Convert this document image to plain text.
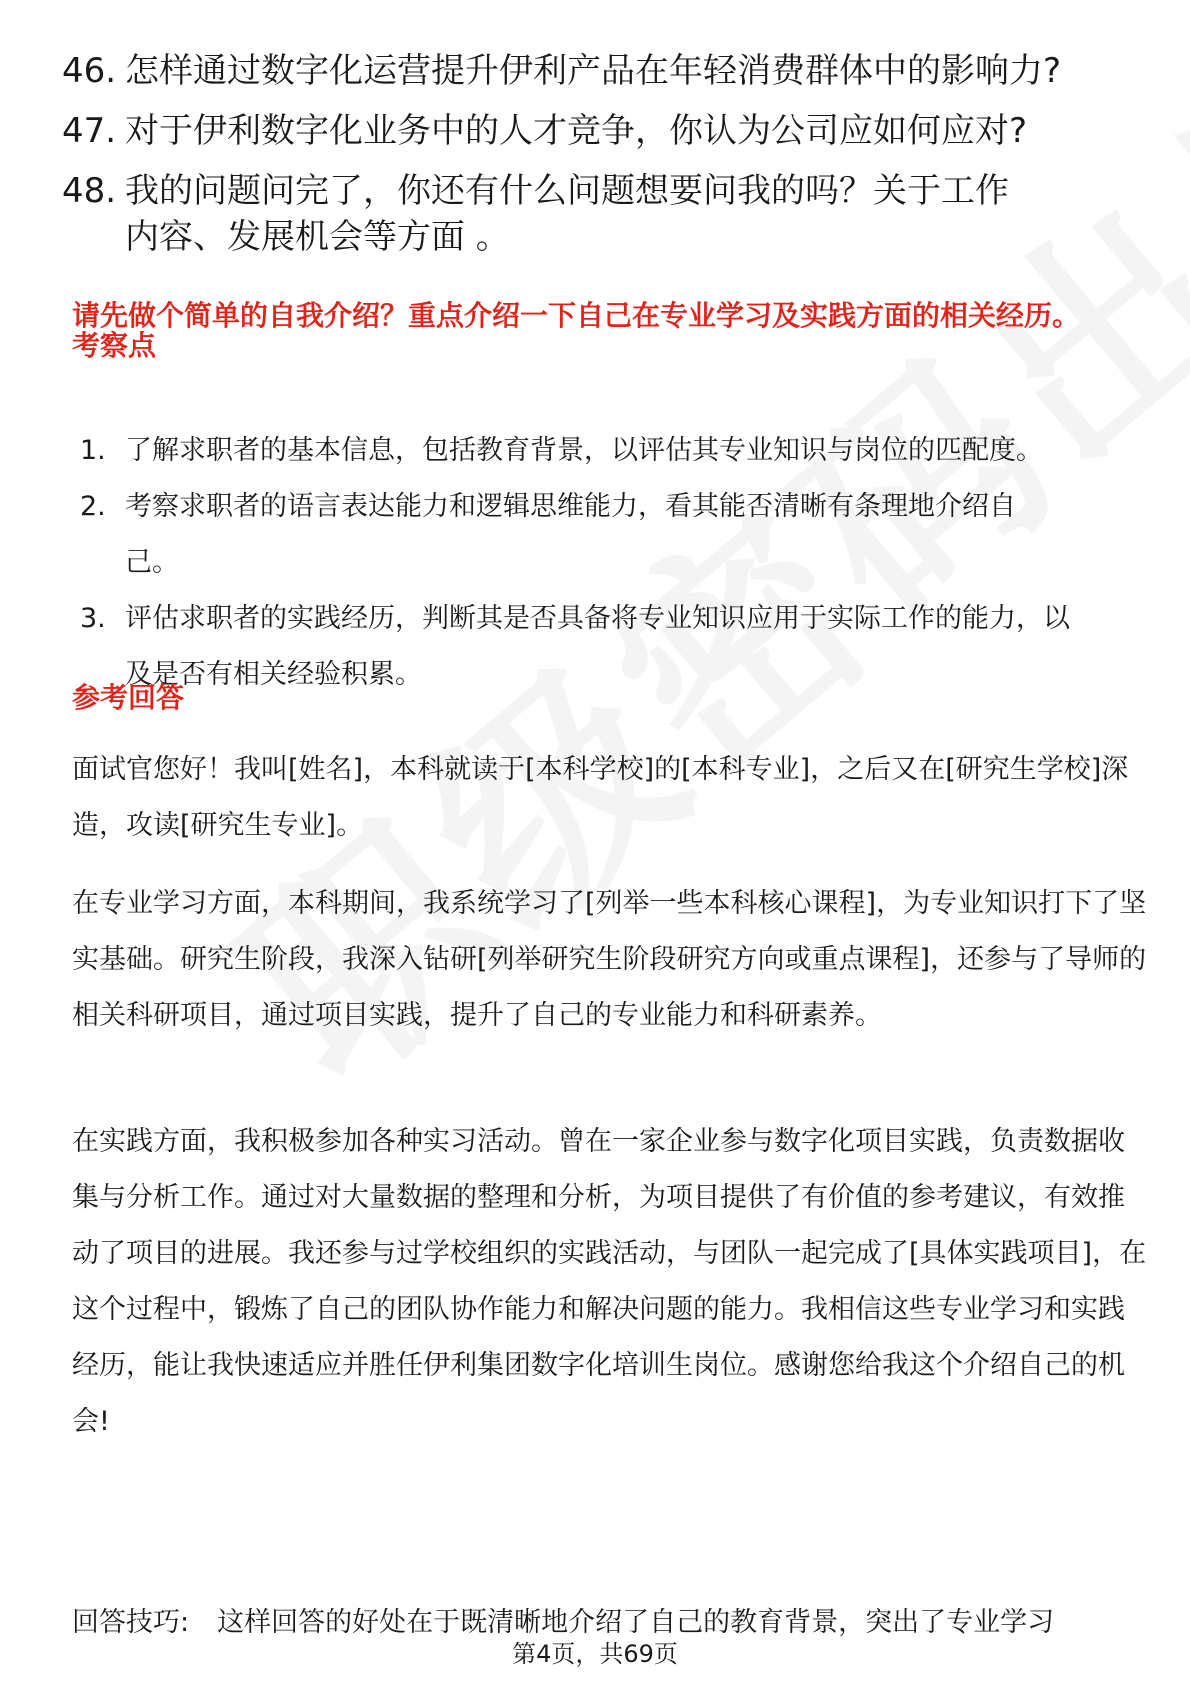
46. 怎样通过数字化运营提升伊利产品在年轻消费群体中的影响力?
47. 对于伊利数字化业务中的人才竞争，你认为公司应如何应对?
48. 我的问题问完了，你还有什么问题想要问我的吗？关于工作内容、发展机会等方面 。
请先做个简单的自我介绍？重点介绍一下自己在专业学习及实践方面的相关经历。
考察点
1. 了解求职者的基本信息，包括教育背景，以评估其专业知识与岗位的匹配度。
2. 考察求职者的语言表达能力和逻辑思维能力，看其能否清晰有条理地介绍自己。
3. 评估求职者的实践经历，判断其是否具备将专业知识应用于实际工作的能力，以及是否有相关经验积累。
参考回答
面试官您好！我叫[姓名]，本科就读于[本科学校]的[本科专业]，之后又在[研究生学校]深造，攻读[研究生专业]。
在专业学习方面，本科期间，我系统学习了[列举一些本科核心课程]，为专业知识打下了坚实基础。研究生阶段，我深入钻研[列举研究生阶段研究方向或重点课程]，还参与了导师的相关科研项目，通过项目实践，提升了自己的专业能力和科研素养。
在实践方面，我积极参加各种实习活动。曾在一家企业参与数字化项目实践，负责数据收集与分析工作。通过对大量数据的整理和分析，为项目提供了有价值的参考建议，有效推动了项目的进展。我还参与过学校组织的实践活动，与团队一起完成了[具体实践项目]，在这个过程中，锻炼了自己的团队协作能力和解决问题的能力。我相信这些专业学习和实践经历，能让我快速适应并胜任伊利集团数字化培训生岗位。感谢您给我这个介绍自己的机会!
回答技巧: 这样回答的好处在于既清晰地介绍了自己的教育背景，突出了专业学习
第4页，共69页
